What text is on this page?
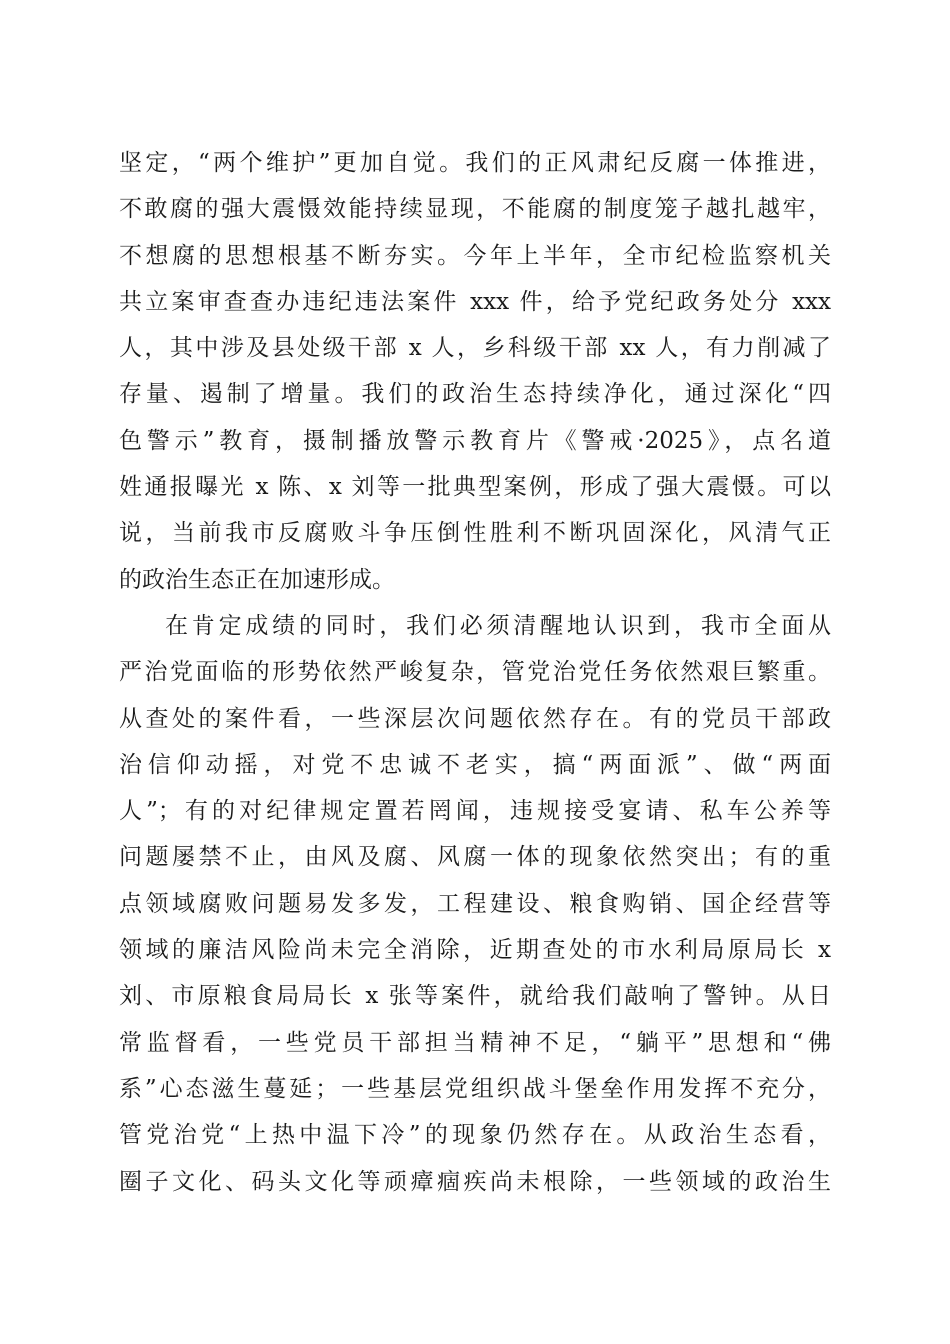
坚定，“两个维护”更加自觉。我们的正风肃纪反腐一体推进，
不敢腐的强大震慑效能持续显现，不能腐的制度笼子越扎越牢，
不想腐的思想根基不断夯实。今年上半年，全市纪检监察机关
共立案审查查办违纪违法案件 xxx 件，给予党纪政务处分 xxx
人，其中涉及县处级干部 x 人，乡科级干部 xx 人，有力削减了
存量、遏制了增量。我们的政治生态持续净化，通过深化“四
色警示”教育，摄制播放警示教育片《警戒·2025》，点名道
姓通报曝光 x 陈、x 刘等一批典型案例，形成了强大震慑。可以
说，当前我市反腐败斗争压倒性胜利不断巩固深化，风清气正
的政治生态正在加速形成。
在肯定成绩的同时，我们必须清醒地认识到，我市全面从
严治党面临的形势依然严峻复杂，管党治党任务依然艰巨繁重。
从查处的案件看，一些深层次问题依然存在。有的党员干部政
治信仰动摇，对党不忠诚不老实，搞“两面派”、做“两面
人”；有的对纪律规定置若罔闻，违规接受宴请、私车公养等
问题屡禁不止，由风及腐、风腐一体的现象依然突出；有的重
点领域腐败问题易发多发，工程建设、粮食购销、国企经营等
领域的廉洁风险尚未完全消除，近期查处的市水利局原局长 x
刘、市原粮食局局长 x 张等案件，就给我们敲响了警钟。从日
常监督看，一些党员干部担当精神不足，“躺平”思想和“佛
系”心态滋生蔓延；一些基层党组织战斗堡垒作用发挥不充分，
管党治党“上热中温下冷”的现象仍然存在。从政治生态看，
圈子文化、码头文化等顽瘴痼疾尚未根除，一些领域的政治生
